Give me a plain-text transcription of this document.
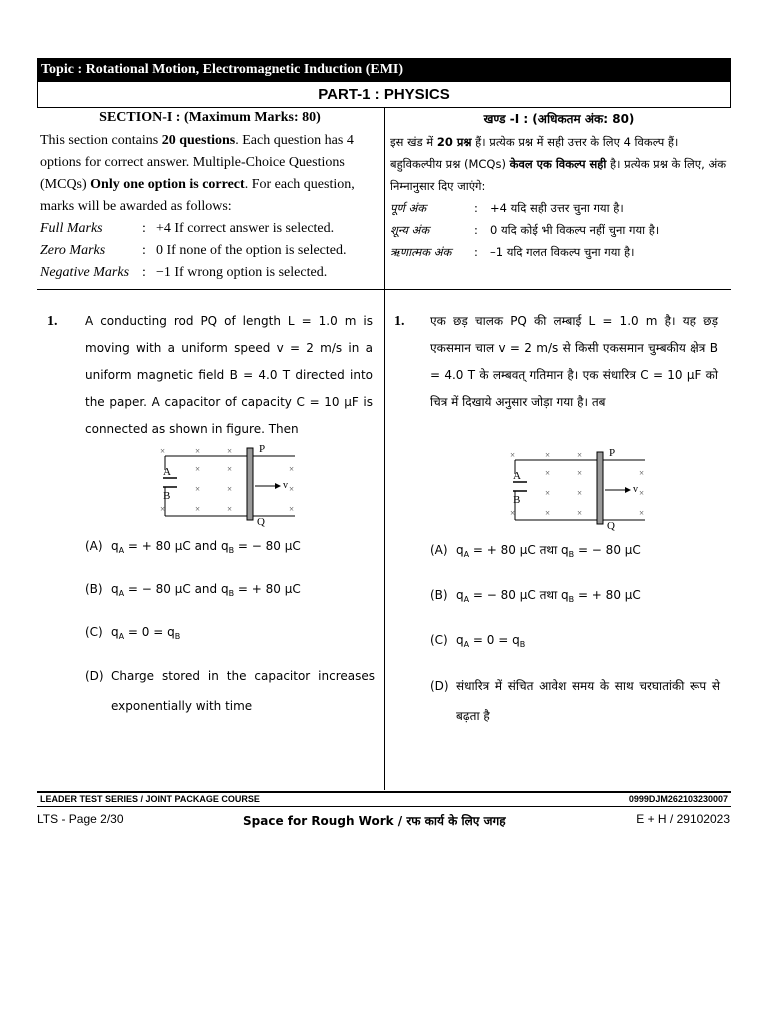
Topic : Rotational Motion, Electromagnetic Induction (EMI)
PART-1 : PHYSICS
SECTION-I : (Maximum Marks: 80)
This section contains 20 questions. Each question has 4 options for correct answer. Multiple-Choice Questions (MCQs) Only one option is correct. For each question, marks will be awarded as follows:
Full Marks	: +4 If correct answer is selected.
Zero Marks	: 0 If none of the option is selected.
Negative Marks : −1 If wrong option is selected.
खण्ड -I : (अधिकतम अंक: 80)
इस खंड में 20 प्रश्न हैं। प्रत्येक प्रश्न में सही उत्तर के लिए 4 विकल्प हैं। बहुविकल्पीय प्रश्न (MCQs) केवल एक विकल्प सही है। प्रत्येक प्रश्न के लिए, अंक निम्नानुसार दिए जाएंगे:
पूर्ण अंक	:	+4 यदि सही उत्तर चुना गया है।
शून्य अंक	:	0 यदि कोई भी विकल्प नहीं चुना गया है।
ऋणात्मक अंक	:	–1 यदि गलत विकल्प चुना गया है।
1. A conducting rod PQ of length L = 1.0 m is moving with a uniform speed v = 2 m/s in a uniform magnetic field B = 4.0 T directed into the paper. A capacitor of capacity C = 10 μF is connected as shown in figure. Then
P
Q
A
B
v
×	×	×
×	×	×
×	×	×
×	×	×	×
(A) $q_A$ = + 80 μC and $q_B$ = − 80 μC
(B) $q_A$ = − 80 μC and $q_B$ = + 80 μC
(C) $q_A = 0 = q_B$
(D) Charge stored in the capacitor increases exponentially with time
1. एक छड़ चालक PQ की लम्बाई L = 1.0 m है। यह छड़ एकसमान चाल v = 2 m/s से किसी एकसमान चुम्बकीय क्षेत्र B = 4.0 T के लम्बवत् गतिमान है। एक संधारित्र C = 10 μF को चित्र में दिखाये अनुसार जोड़ा गया है। तब
P
Q
A
B
v
×	×	×
×	×	×
×	×	×
×	×	×	×
(A) $q_A$ = + 80 μC तथा $q_B$ = − 80 μC
(B) $q_A$ = − 80 μC तथा $q_B$ = + 80 μC
(C) $q_A = 0 = q_B$
(D) संधारित्र में संचित आवेश समय के साथ चरघातांकी रूप से बढ़ता है
LEADER TEST SERIES / JOINT PACKAGE COURSE	0999DJM262103230007
LTS - Page 2/30	Space for Rough Work / रफ कार्य के लिए जगह	E + H / 29102023
